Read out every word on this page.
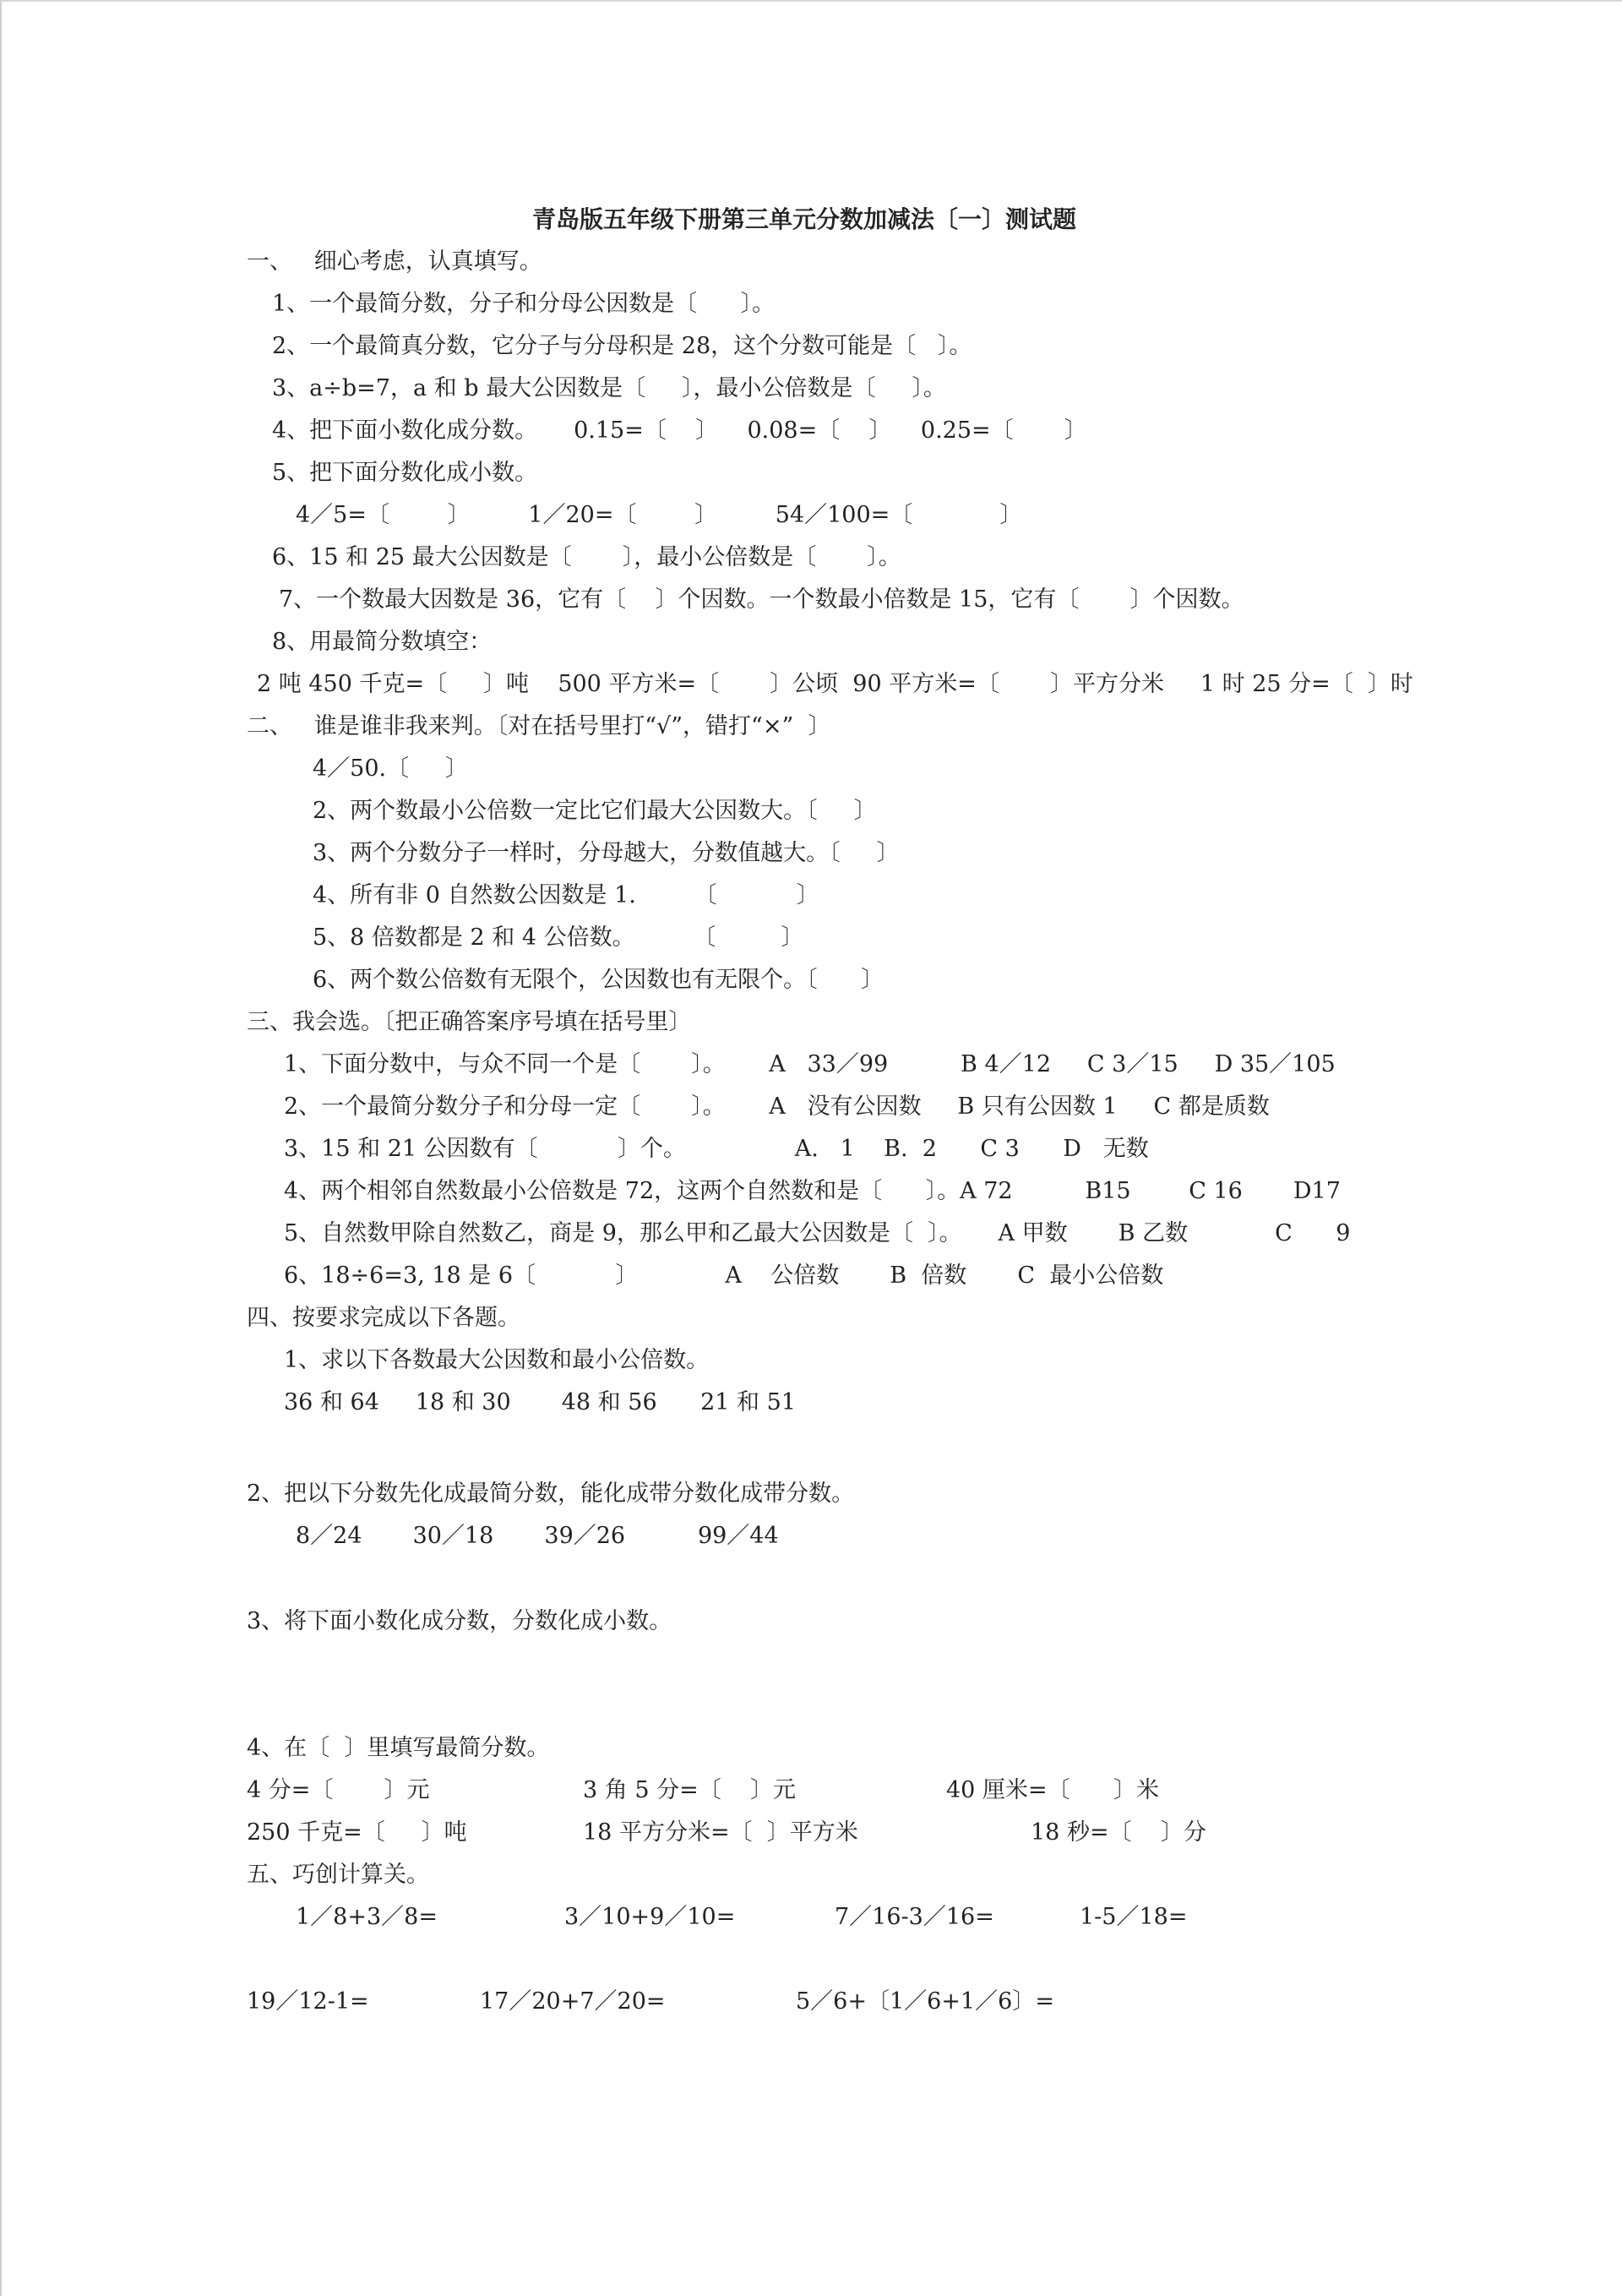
青岛版五年级下册第三单元分数加减法〔一〕测试题
一、   细心考虑，认真填写。
1、一个最简分数，分子和分母公因数是〔      〕。
2、一个最简真分数，它分子与分母积是 28，这个分数可能是〔   〕。
3、a÷b=7，a 和 b 最大公因数是〔     〕，最小公倍数是〔     〕。
4、把下面小数化成分数。     0.15=〔    〕    0.08=〔    〕    0.25=〔       〕
5、把下面分数化成小数。
4／5=〔        〕        1／20=〔        〕        54／100=〔            〕
6、15 和 25 最大公因数是〔       〕，最小公倍数是〔       〕。
7、一个数最大因数是 36，它有〔    〕个因数。一个数最小倍数是 15，它有〔       〕个因数。
8、用最简分数填空：
2 吨 450 千克=〔     〕吨    500 平方米=〔       〕公顷  90 平方米=〔       〕平方分米     1 时 25 分=〔  〕时
二、   谁是谁非我来判。〔对在括号里打“√”，错打“×”  〕
4／50.〔     〕
2、两个数最小公倍数一定比它们最大公因数大。〔     〕
3、两个分数分子一样时，分母越大，分数值越大。〔     〕
4、所有非 0 自然数公因数是 1.        〔           〕
5、8 倍数都是 2 和 4 公倍数。        〔         〕
6、两个数公倍数有无限个，公因数也有无限个。〔      〕
三、我会选。〔把正确答案序号填在括号里〕
1、下面分数中，与众不同一个是〔       〕。      A   33／99          B 4／12     C 3／15     D 35／105
2、一个最简分数分子和分母一定〔       〕。      A   没有公因数     B 只有公因数 1     C 都是质数
3、15 和 21 公因数有〔           〕个。               A.   1    B.  2      C 3      D   无数
4、两个相邻自然数最小公倍数是 72，这两个自然数和是〔      〕。A 72          B15        C 16       D17
5、自然数甲除自然数乙，商是 9，那么甲和乙最大公因数是〔  〕。     A 甲数       B 乙数            C      9
6、18÷6=3, 18 是 6〔           〕            A    公倍数       B  倍数       C  最小公倍数
四、按要求完成以下各题。
1、求以下各数最大公因数和最小公倍数。
36 和 64     18 和 30       48 和 56      21 和 51
2、把以下分数先化成最简分数，能化成带分数化成带分数。
8／24       30／18       39／26          99／44
3、将下面小数化成分数，分数化成小数。
4、在〔  〕里填写最简分数。
4 分=〔       〕元	3 角 5 分=〔    〕元	40 厘米=〔      〕米
250 千克=〔     〕吨	18 平方分米=〔  〕平方米	18 秒=〔    〕分
五、巧创计算关。
1／8+3／8=	3／10+9／10=	7／16-3／16=	1-5／18=
19／12-1=	17／20+7／20=	5／6+〔1／6+1／6〕=
